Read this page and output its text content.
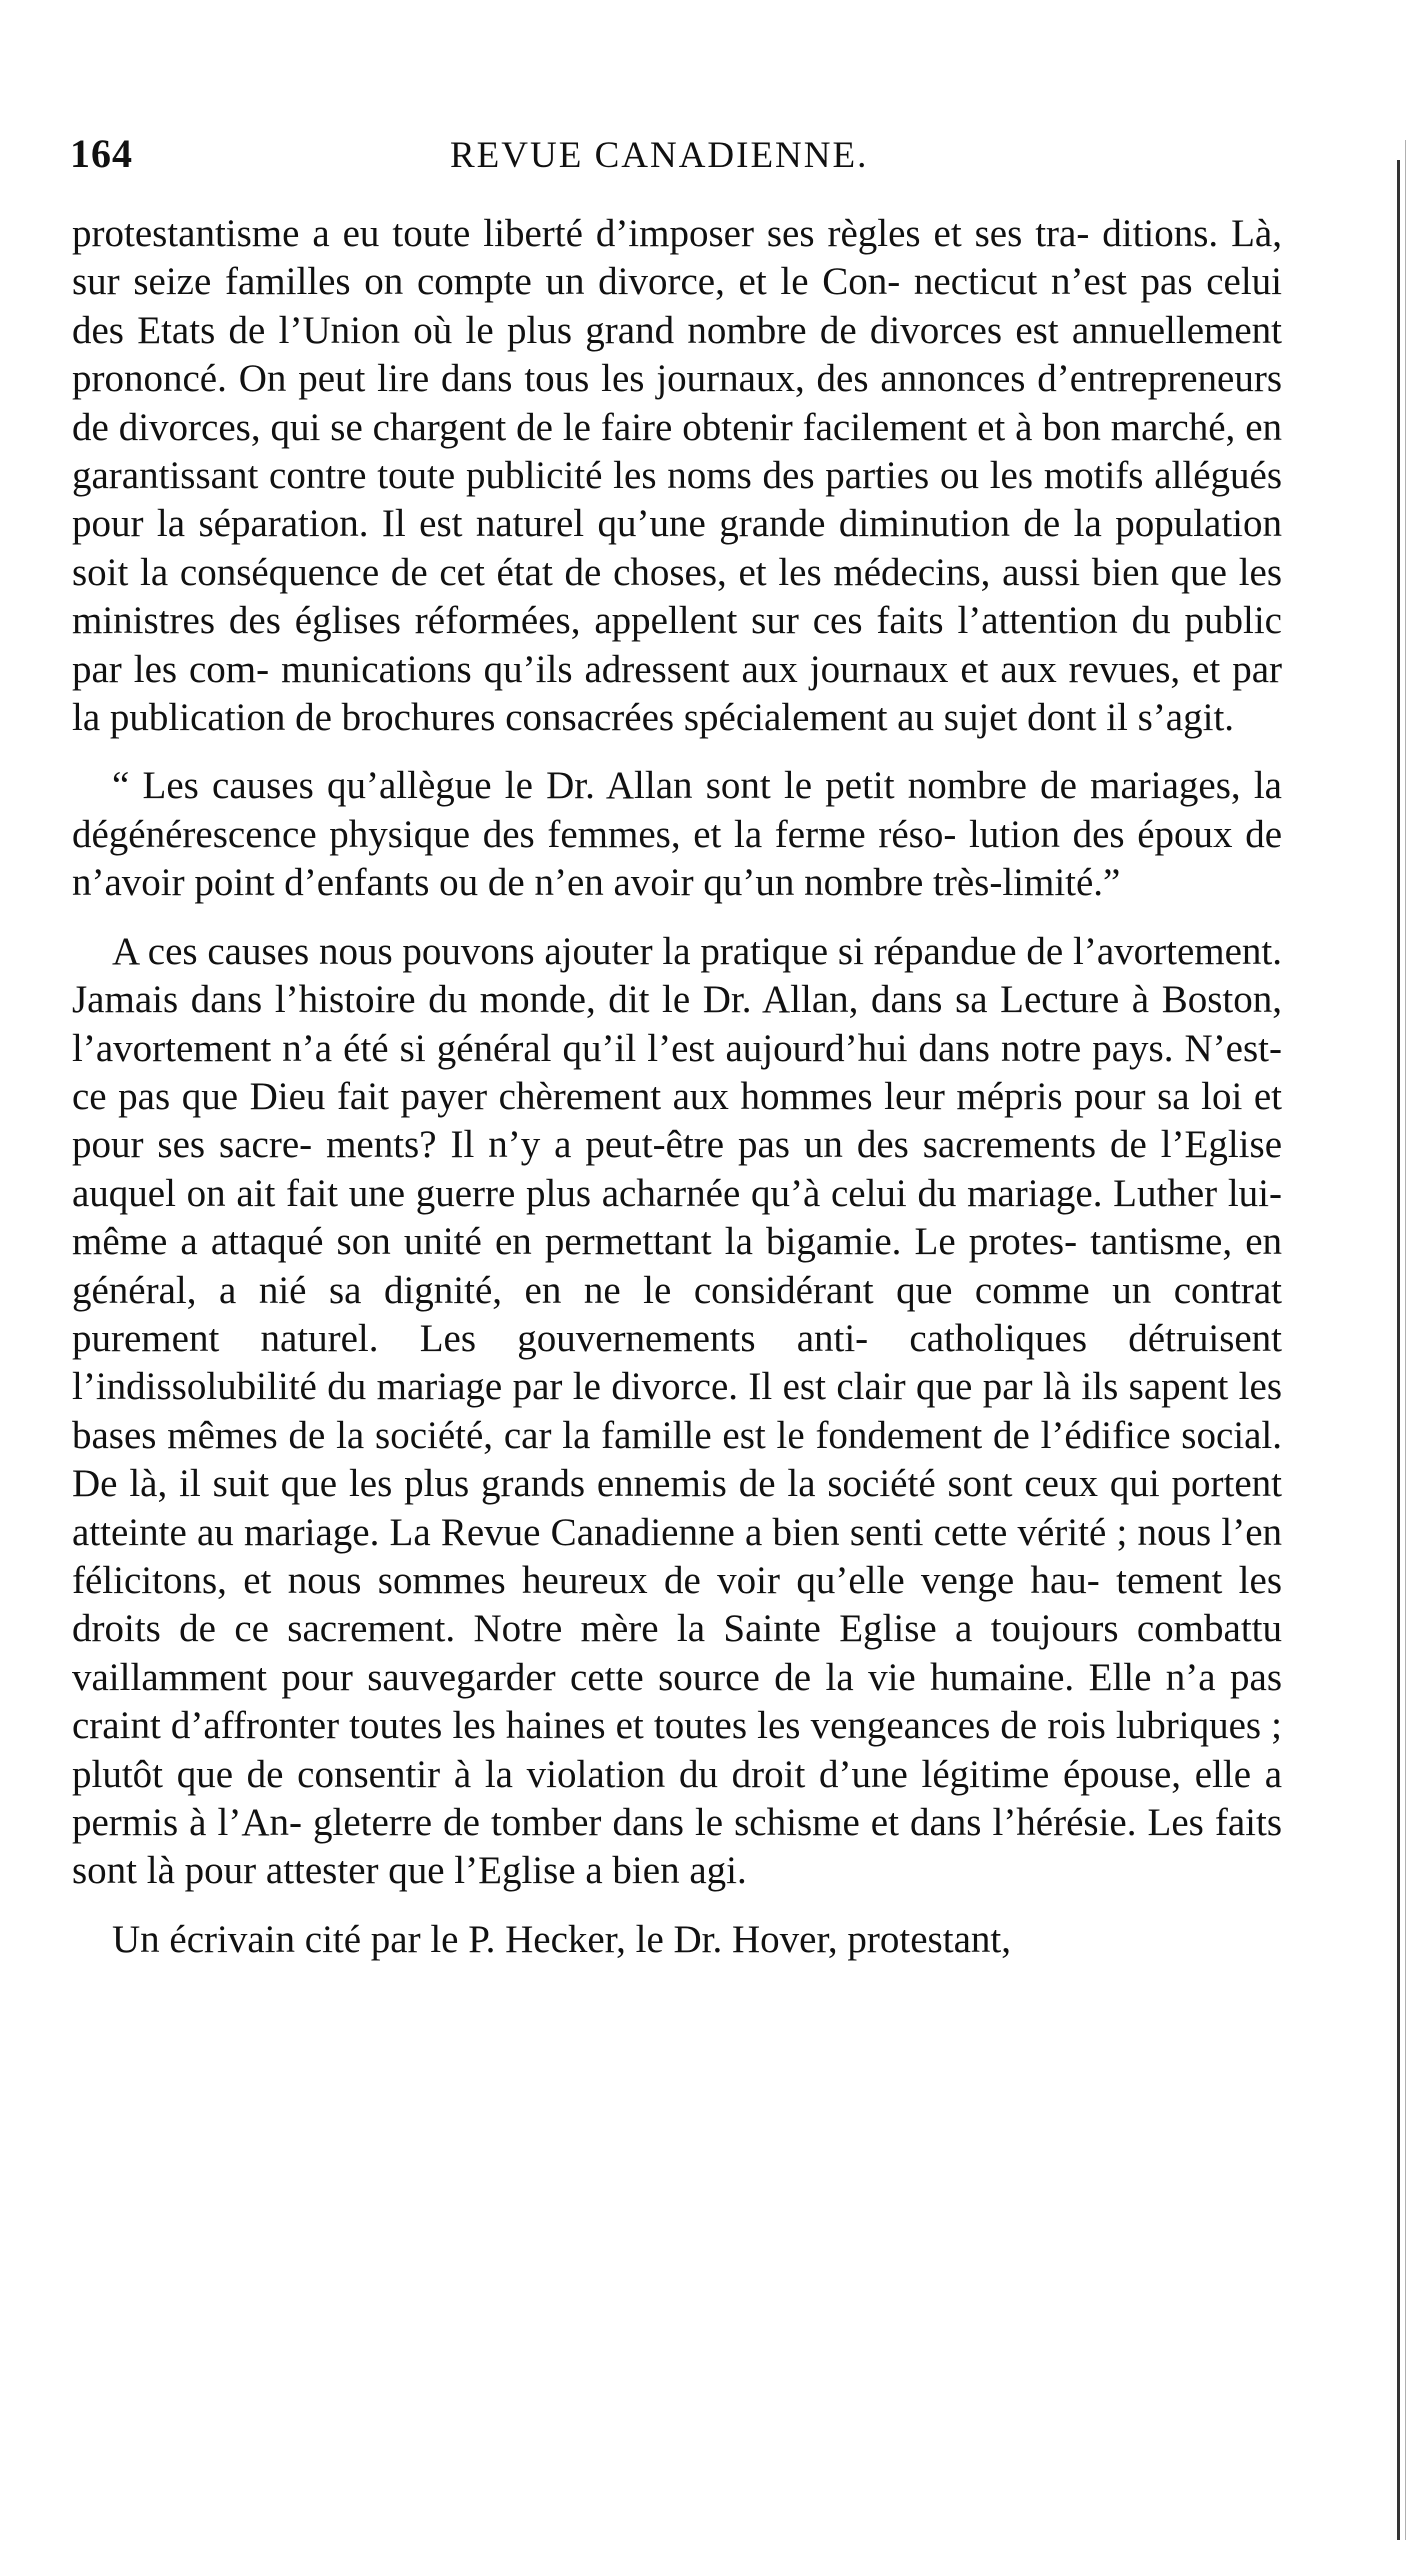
164	REVUE CANADIENNE.

protestantisme a eu toute liberté d’imposer ses règles et ses tra- ditions. Là, sur seize familles on compte un divorce, et le Con- necticut n’est pas celui des Etats de l’Union où le plus grand nombre de divorces est annuellement prononcé. On peut lire dans tous les journaux, des annonces d’entrepreneurs de divorces, qui se chargent de le faire obtenir facilement et à bon marché, en garantissant contre toute publicité les noms des parties ou les motifs allégués pour la séparation. Il est naturel qu’une grande diminution de la population soit la conséquence de cet état de choses, et les médecins, aussi bien que les ministres des églises réformées, appellent sur ces faits l’attention du public par les com- munications qu’ils adressent aux journaux et aux revues, et par la publication de brochures consacrées spécialement au sujet dont il s’agit.

“ Les causes qu’allègue le Dr. Allan sont le petit nombre de mariages, la dégénérescence physique des femmes, et la ferme réso- lution des époux de n’avoir point d’enfants ou de n’en avoir qu’un nombre très-limité.”

A ces causes nous pouvons ajouter la pratique si répandue de l’avortement. Jamais dans l’histoire du monde, dit le Dr. Allan, dans sa Lecture à Boston, l’avortement n’a été si général qu’il l’est aujourd’hui dans notre pays. N’est-ce pas que Dieu fait payer chèrement aux hommes leur mépris pour sa loi et pour ses sacre- ments? Il n’y a peut-être pas un des sacrements de l’Eglise auquel on ait fait une guerre plus acharnée qu’à celui du mariage. Luther lui-même a attaqué son unité en permettant la bigamie. Le protes- tantisme, en général, a nié sa dignité, en ne le considérant que comme un contrat purement naturel. Les gouvernements anti- catholiques détruisent l’indissolubilité du mariage par le divorce. Il est clair que par là ils sapent les bases mêmes de la société, car la famille est le fondement de l’édifice social. De là, il suit que les plus grands ennemis de la société sont ceux qui portent atteinte au mariage. La Revue Canadienne a bien senti cette vérité ; nous l’en félicitons, et nous sommes heureux de voir qu’elle venge hau- tement les droits de ce sacrement. Notre mère la Sainte Eglise a toujours combattu vaillamment pour sauvegarder cette source de la vie humaine. Elle n’a pas craint d’affronter toutes les haines et toutes les vengeances de rois lubriques ; plutôt que de consentir à la violation du droit d’une légitime épouse, elle a permis à l’An- gleterre de tomber dans le schisme et dans l’hérésie. Les faits sont là pour attester que l’Eglise a bien agi.

Un écrivain cité par le P. Hecker, le Dr. Hover, protestant,
